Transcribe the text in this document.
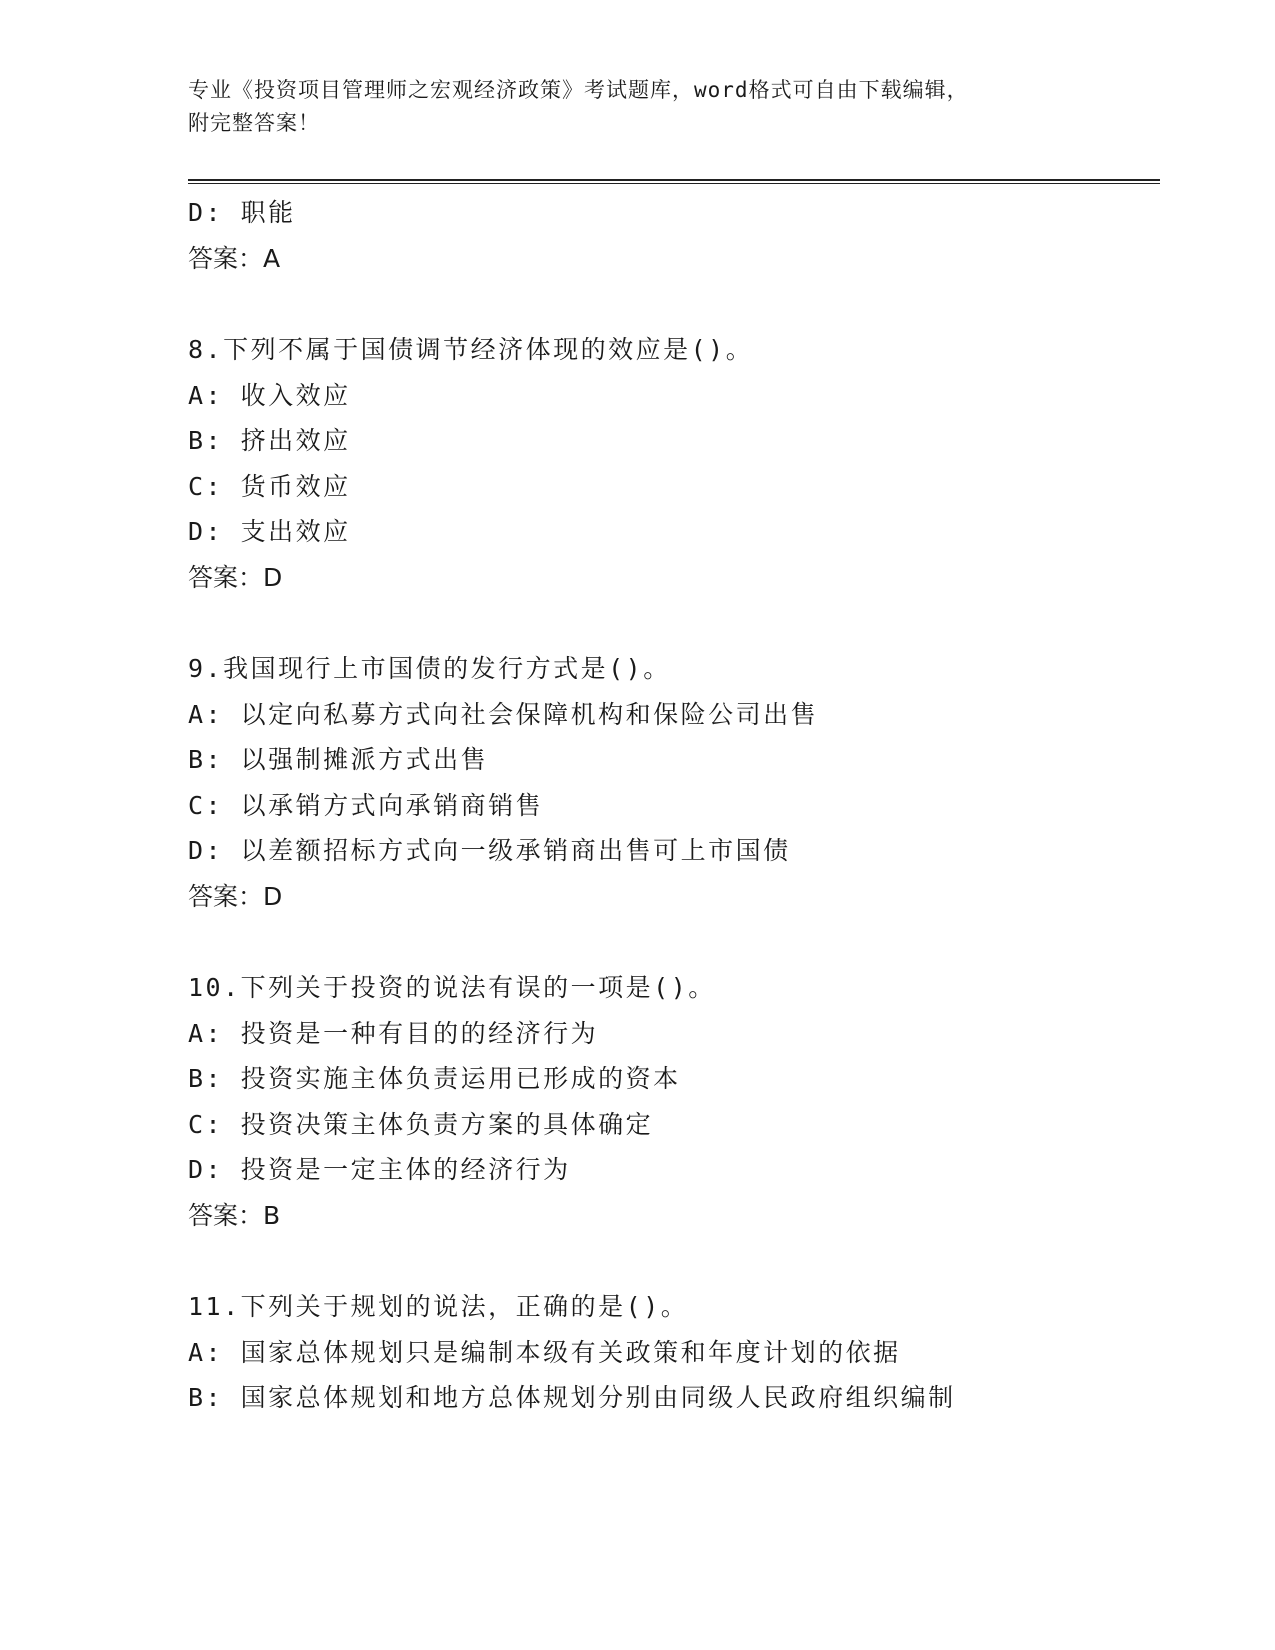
专业《投资项目管理师之宏观经济政策》考试题库，word格式可自由下载编辑，
附完整答案！
D: 职能
答案：A
8.下列不属于国债调节经济体现的效应是()。
A: 收入效应
B: 挤出效应
C: 货币效应
D: 支出效应
答案：D
9.我国现行上市国债的发行方式是()。
A: 以定向私募方式向社会保障机构和保险公司出售
B: 以强制摊派方式出售
C: 以承销方式向承销商销售
D: 以差额招标方式向一级承销商出售可上市国债
答案：D
10.下列关于投资的说法有误的一项是()。
A: 投资是一种有目的的经济行为
B: 投资实施主体负责运用已形成的资本
C: 投资决策主体负责方案的具体确定
D: 投资是一定主体的经济行为
答案：B
11.下列关于规划的说法，正确的是()。
A: 国家总体规划只是编制本级有关政策和年度计划的依据
B: 国家总体规划和地方总体规划分别由同级人民政府组织编制
